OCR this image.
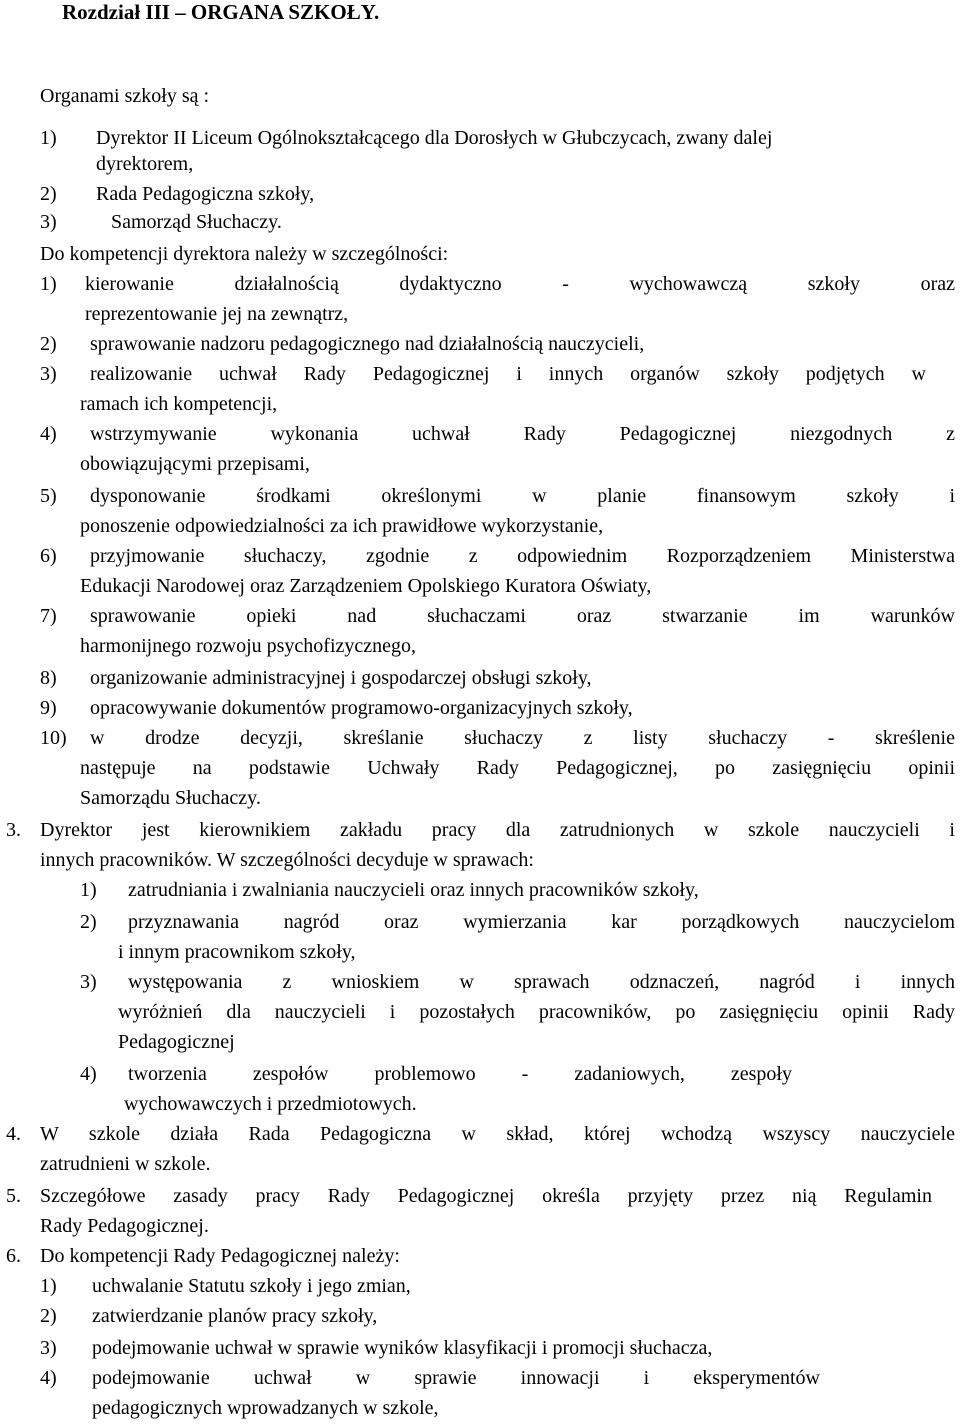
Rozdział III – ORGANA SZKOŁY.
Organami szkoły są :
1) Dyrektor II Liceum Ogólnokształcącego dla Dorosłych w Głubczycach, zwany dalej
dyrektorem,
2) Rada Pedagogiczna szkoły,
3)	Samorząd Słuchaczy.
Do kompetencji dyrektora należy w szczególności:
1) kierowanie działalnością dydaktyczno - wychowawczą szkoły oraz
reprezentowanie jej na zewnątrz,
2) sprawowanie nadzoru pedagogicznego nad działalnością nauczycieli,
3) realizowanie uchwał Rady Pedagogicznej i innych organów szkoły podjętych w
ramach ich kompetencji,
4) wstrzymywanie wykonania uchwał Rady Pedagogicznej niezgodnych z
obowiązującymi przepisami,
5) dysponowanie środkami określonymi w planie finansowym szkoły i
ponoszenie odpowiedzialności za ich prawidłowe wykorzystanie,
6) przyjmowanie słuchaczy, zgodnie z odpowiednim Rozporządzeniem Ministerstwa
Edukacji Narodowej oraz Zarządzeniem Opolskiego Kuratora Oświaty,
7) sprawowanie opieki nad słuchaczami oraz stwarzanie im warunków
harmonijnego rozwoju psychofizycznego,
8) organizowanie administracyjnej i gospodarczej obsługi szkoły,
9) opracowywanie dokumentów programowo-organizacyjnych szkoły,
10) w drodze decyzji, skreślanie słuchaczy z listy słuchaczy - skreślenie
następuje na podstawie Uchwały Rady Pedagogicznej, po zasięgnięciu opinii
Samorządu Słuchaczy.
3. Dyrektor jest kierownikiem zakładu pracy dla zatrudnionych w szkole nauczycieli i
innych pracowników. W szczególności decyduje w sprawach:
1) zatrudniania i zwalniania nauczycieli oraz innych pracowników szkoły,
2) przyznawania nagród oraz wymierzania kar porządkowych nauczycielom
i innym pracownikom szkoły,
3) występowania z wnioskiem w sprawach odznaczeń, nagród i innych
wyróżnień dla nauczycieli i pozostałych pracowników, po zasięgnięciu opinii Rady
Pedagogicznej
4) tworzenia zespołów problemowo - zadaniowych, zespoły
wychowawczych i przedmiotowych.
4. W szkole działa Rada Pedagogiczna w skład, której wchodzą wszyscy nauczyciele
zatrudnieni w szkole.
5. Szczegółowe zasady pracy Rady Pedagogicznej określa przyjęty przez nią Regulamin
Rady Pedagogicznej.
6. Do kompetencji Rady Pedagogicznej należy:
1) uchwalanie Statutu szkoły i jego zmian,
2) zatwierdzanie planów pracy szkoły,
3) podejmowanie uchwał w sprawie wyników klasyfikacji i promocji słuchacza,
4) podejmowanie uchwał w sprawie innowacji i eksperymentów
pedagogicznych wprowadzanych w szkole,
